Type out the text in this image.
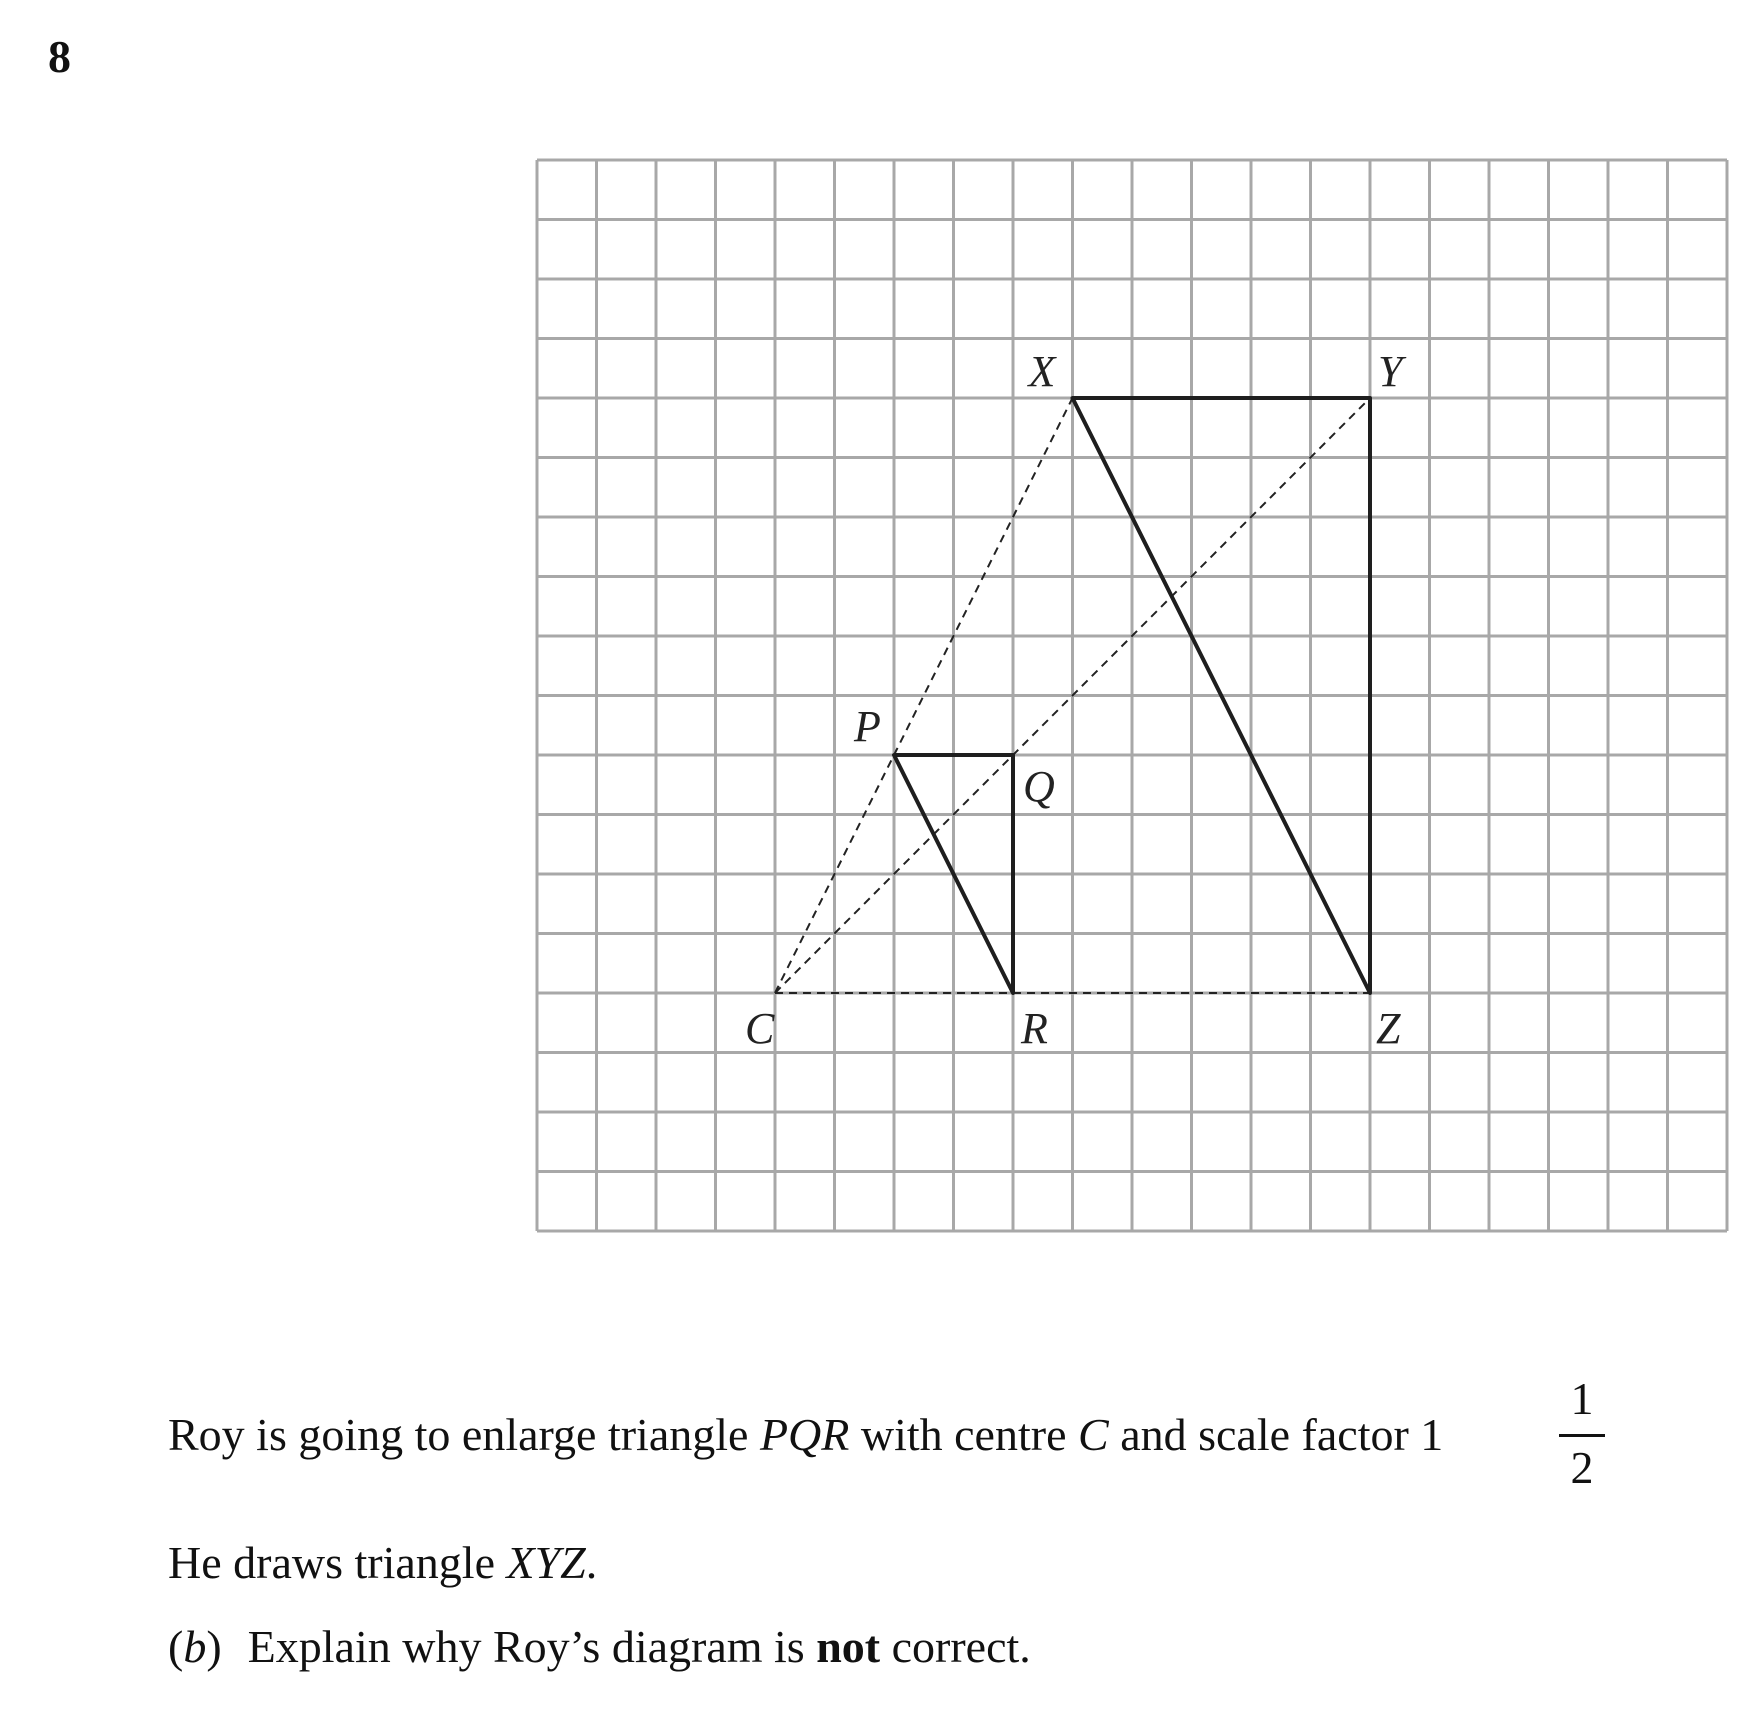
8
C
P
Q
R
X	Y
Z
Roy is going to enlarge triangle PQR with centre C and scale factor 1
1
2
He draws triangle XYZ.
(b) Explain why Roy’s diagram is not correct.
